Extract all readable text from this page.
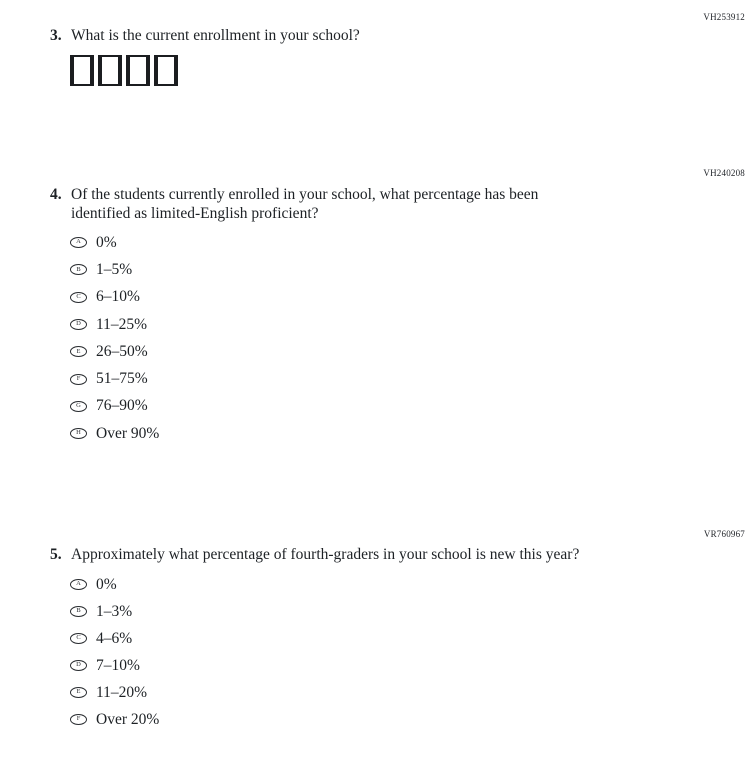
VH253912
3. What is the current enrollment in your school?
VH240208
4. Of the students currently enrolled in your school, what percentage has been
identified as limited-English proficient?
A 0%
B 1–5%
C 6–10%
D 11–25%
E 26–50%
F 51–75%
G 76–90%
H Over 90%
VR760967
5. Approximately what percentage of fourth-graders in your school is new this year?
A 0%
B 1–3%
C 4–6%
D 7–10%
E 11–20%
F Over 20%
